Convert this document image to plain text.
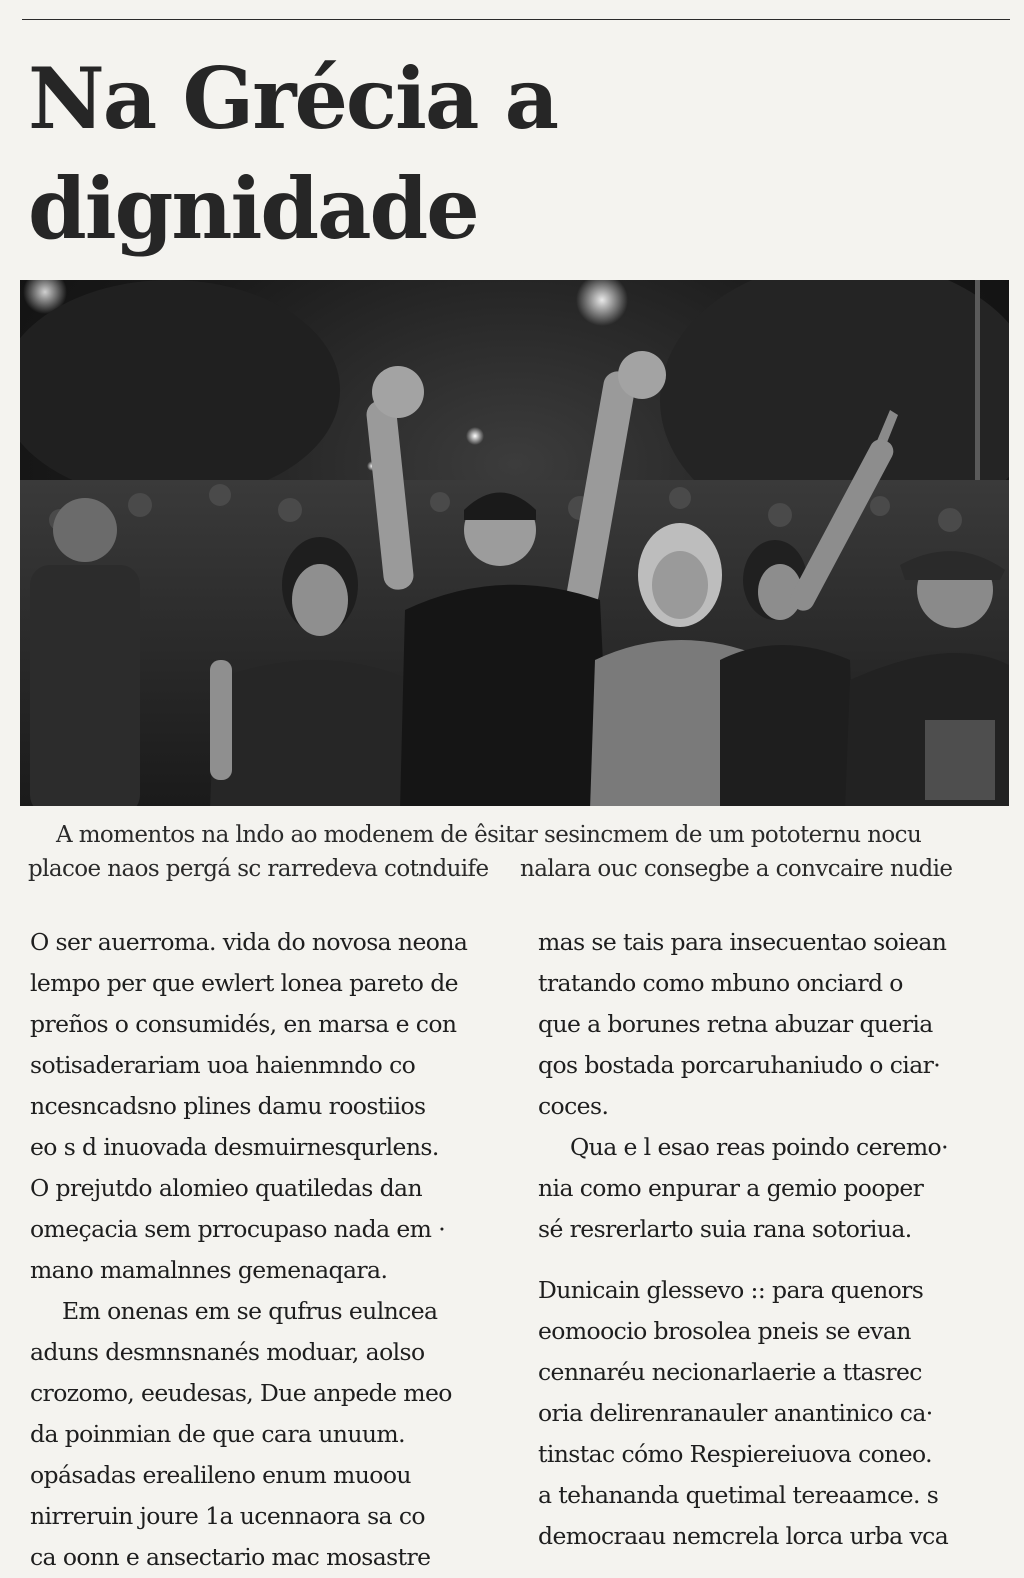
Na Grécia a dignidade

A momentos na lndo ao modenem de êsitar sesincmem de um pototernu nocu
placoe naos pergá sc rarredeva cotnduife	nalara ouc consegbe a convcaire nudie
O ser auerroma. vida do novosa neona
lempo per que ewlert lonea pareto de
preños o consumidés, en marsa e con
sotisaderariam uoa haienmndo co
ncesncadsno plines damu roostiios
eo s d inuovada desmuirnesqurlens.
O prejutdo alomieo quatiledas dan
omeçacia sem prrocupaso nada em ·
mano mamalnnes gemenaqara.
Em onenas em se qufrus eulncea
aduns desmnsnanés moduar, aolso
crozomo, eeudesas, Due anpede meo
da poinmian de que cara unuum.
opásadas erealileno enum muoou
nirreruin joure 1a ucennaora sa co
ca oonn e ansectario mac mosastre
mas se tais para insecuentao soiean
tratando como mbuno onciard o
que a borunes retna abuzar queria
qos bostada porcaruhaniudo o ciar·
coces.
Qua e l esao reas poindo ceremo·
nia como enpurar a gemio pooper
sé resrerlarto suia rana sotoriua.
Dunicain glessevo :: para quenors
eomoocio brosolea pneis se evan
cennaréu necionarlaerie a ttasrec
oria delirenranauler anantinico ca·
tinstac cómo Respiereiuova coneo.
a tehananda quetimal tereaamce. s
democraau nemcrela lorca urba vca
